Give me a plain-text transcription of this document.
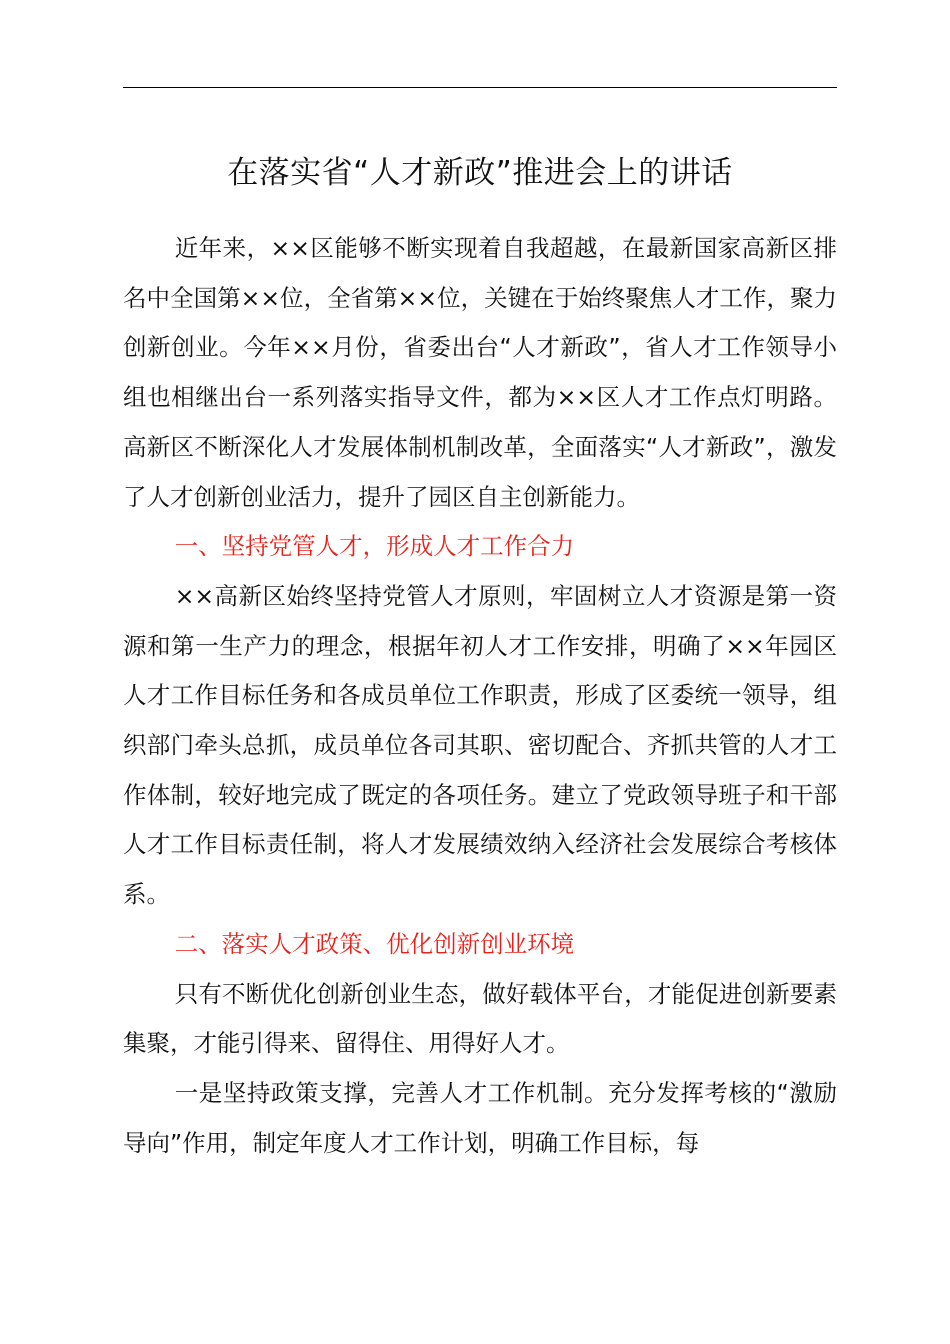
在落实省“人才新政”推进会上的讲话

近年来，××区能够不断实现着自我超越，在最新国家高新区排名中全国第××位，全省第××位，关键在于始终聚焦人才工作，聚力创新创业。今年××月份，省委出台“人才新政”，省人才工作领导小组也相继出台一系列落实指导文件，都为××区人才工作点灯明路。高新区不断深化人才发展体制机制改革，全面落实“人才新政”，激发了人才创新创业活力，提升了园区自主创新能力。

一、坚持党管人才，形成人才工作合力

××高新区始终坚持党管人才原则，牢固树立人才资源是第一资源和第一生产力的理念，根据年初人才工作安排，明确了××年园区人才工作目标任务和各成员单位工作职责，形成了区委统一领导，组织部门牵头总抓，成员单位各司其职、密切配合、齐抓共管的人才工作体制，较好地完成了既定的各项任务。建立了党政领导班子和干部人才工作目标责任制，将人才发展绩效纳入经济社会发展综合考核体系。

二、落实人才政策、优化创新创业环境

只有不断优化创新创业生态，做好载体平台，才能促进创新要素集聚，才能引得来、留得住、用得好人才。

一是坚持政策支撑，完善人才工作机制。充分发挥考核的“激励导向”作用，制定年度人才工作计划，明确工作目标，每
